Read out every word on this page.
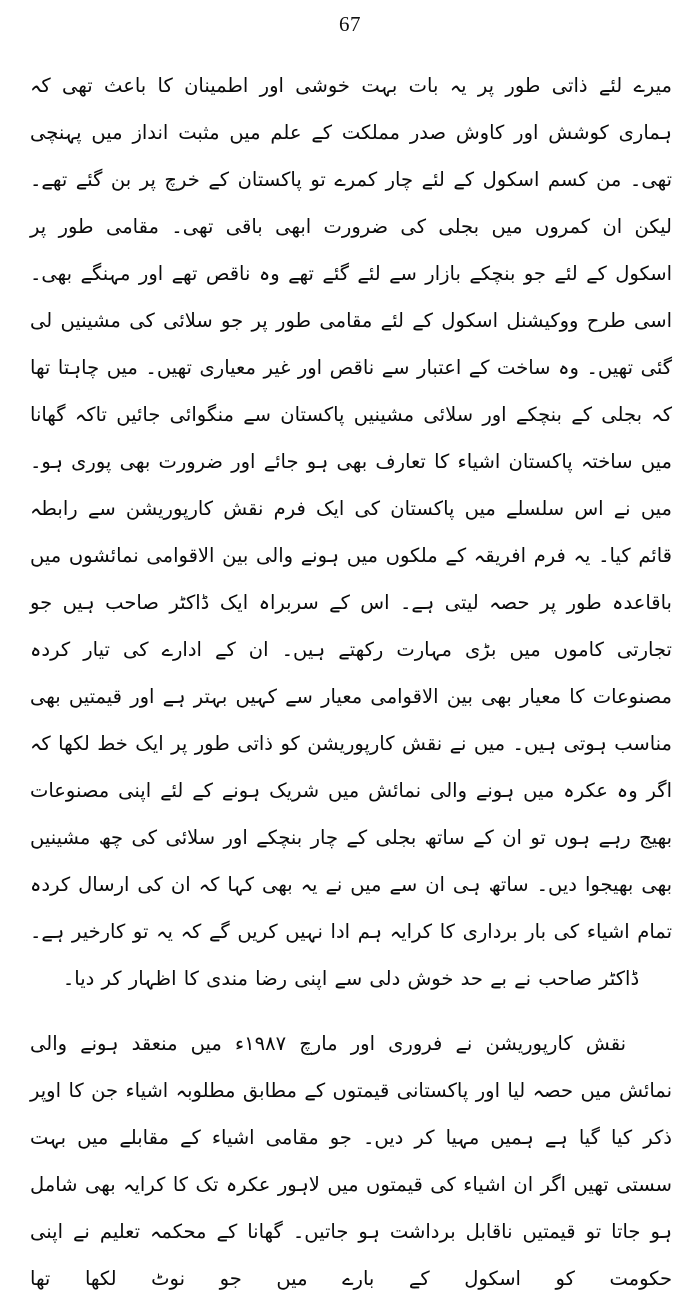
67

میرے لئے ذاتی طور پر یہ بات بہت خوشی اور اطمینان کا باعث تھی کہ ہماری کوشش اور کاوش صدر مملکت کے علم میں مثبت انداز میں پہنچی تھی۔ من کسم اسکول کے لئے چار کمرے تو پاکستان کے خرچ پر بن گئے تھے۔ لیکن ان کمروں میں بجلی کی ضرورت ابھی باقی تھی۔ مقامی طور پر اسکول کے لئے جو بنچکے بازار سے لئے گئے تھے وہ ناقص تھے اور مہنگے بھی۔ اسی طرح ووکیشنل اسکول کے لئے مقامی طور پر جو سلائی کی مشینیں لی گئی تھیں۔ وہ ساخت کے اعتبار سے ناقص اور غیر معیاری تھیں۔ میں چاہتا تھا کہ بجلی کے بنچکے اور سلائی مشینیں پاکستان سے منگوائی جائیں تاکہ گھانا میں ساختہ پاکستان اشیاء کا تعارف بھی ہو جائے اور ضرورت بھی پوری ہو۔ میں نے اس سلسلے میں پاکستان کی ایک فرم نقش کارپوریشن سے رابطہ قائم کیا۔ یہ فرم افریقہ کے ملکوں میں ہونے والی بین الاقوامی نمائشوں میں باقاعدہ طور پر حصہ لیتی ہے۔ اس کے سربراہ ایک ڈاکٹر صاحب ہیں جو تجارتی کاموں میں بڑی مہارت رکھتے ہیں۔ ان کے ادارے کی تیار کردہ مصنوعات کا معیار بھی بین الاقوامی معیار سے کہیں بہتر ہے اور قیمتیں بھی مناسب ہوتی ہیں۔ میں نے نقش کارپوریشن کو ذاتی طور پر ایک خط لکھا کہ اگر وہ عکرہ میں ہونے والی نمائش میں شریک ہونے کے لئے اپنی مصنوعات بھیج رہے ہوں تو ان کے ساتھ بجلی کے چار بنچکے اور سلائی کی چھ مشینیں بھی بھیجوا دیں۔ ساتھ ہی ان سے میں نے یہ بھی کہا کہ ان کی ارسال کردہ تمام اشیاء کی بار برداری کا کرایہ ہم ادا نہیں کریں گے کہ یہ تو کارخیر ہے۔ ڈاکٹر صاحب نے بے حد خوش دلی سے اپنی رضا مندی کا اظہار کر دیا۔

نقش کارپوریشن نے فروری اور مارچ ۱۹۸۷ء میں منعقد ہونے والی نمائش میں حصہ لیا اور پاکستانی قیمتوں کے مطابق مطلوبہ اشیاء جن کا اوپر ذکر کیا گیا ہے ہمیں مہیا کر دیں۔ جو مقامی اشیاء کے مقابلے میں بہت سستی تھیں اگر ان اشیاء کی قیمتوں میں لاہور عکرہ تک کا کرایہ بھی شامل ہو جاتا تو قیمتیں ناقابل برداشت ہو جاتیں۔ گھانا کے محکمہ تعلیم نے اپنی حکومت کو اسکول کے بارے میں جو نوٹ لکھا تھا
